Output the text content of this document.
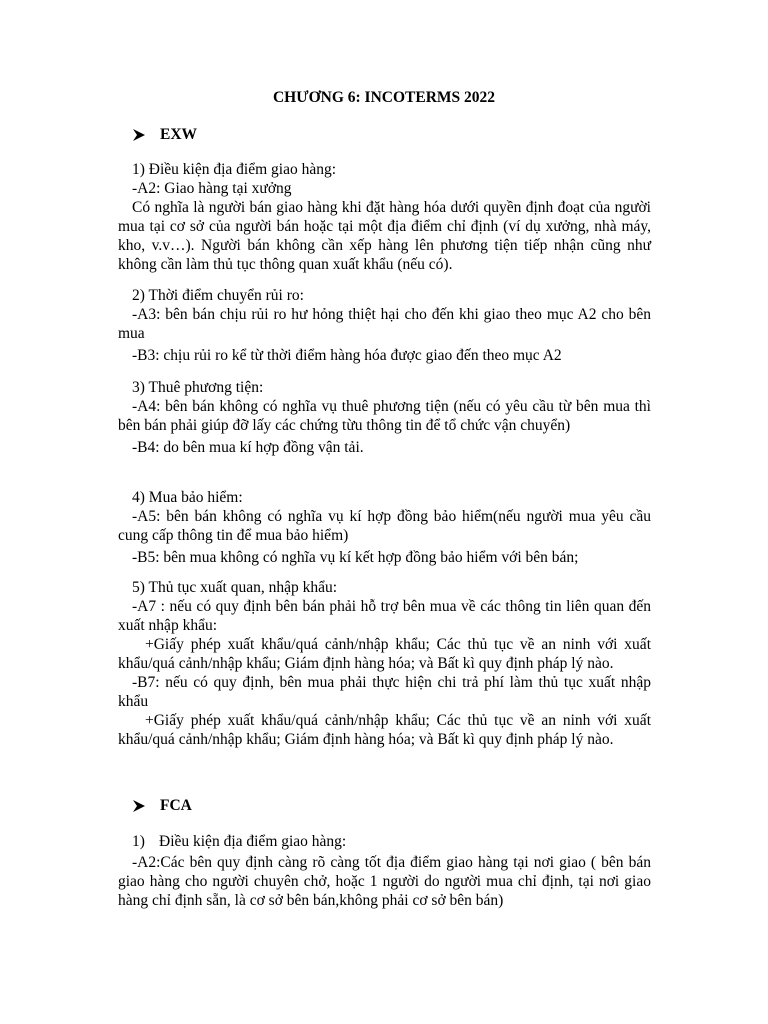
CHƯƠNG 6: INCOTERMS 2022
EXW

1) Điều kiện địa điểm giao hàng:

-A2: Giao hàng tại xưởng

Có nghĩa là người bán giao hàng khi đặt hàng hóa dưới quyền định đoạt của người mua tại cơ sở của người bán hoặc tại một địa điểm chỉ định (ví dụ xưởng, nhà máy, kho, v.v…). Người bán không cần xếp hàng lên phương tiện tiếp nhận cũng như không cần làm thủ tục thông quan xuất khẩu (nếu có).

2) Thời điểm chuyển rủi ro:

-A3: bên bán chịu rủi ro hư hỏng thiệt hại cho đến khi giao theo mục A2 cho bên mua

-B3: chịu rủi ro kể từ thời điểm hàng hóa được giao đến theo mục A2

3) Thuê phương tiện:

-A4: bên bán không có nghĩa vụ thuê phương tiện (nếu có yêu cầu từ bên mua thì bên bán phải giúp đỡ lấy các chứng từu thông tin để tổ chức vận chuyển)

-B4: do bên mua kí hợp đồng vận tải.

4) Mua bảo hiểm:

-A5: bên bán không có nghĩa vụ kí hợp đồng bảo hiểm(nếu người mua yêu cầu cung cấp thông tin để mua bảo hiểm)

-B5: bên mua không có nghĩa vụ kí kết hợp đồng bảo hiểm với bên bán;

5) Thủ tục xuất quan, nhập khẩu:

-A7 : nếu có quy định bên bán phải hỗ trợ bên mua về các thông tin liên quan đến xuất nhập khẩu:

+Giấy phép xuất khẩu/quá cảnh/nhập khẩu; Các thủ tục về an ninh với xuất khẩu/quá cảnh/nhập khẩu; Giám định hàng hóa; và Bất kì quy định pháp lý nào.

-B7: nếu có quy định, bên mua phải thực hiện chi trả phí làm thủ tục xuất nhập khẩu

+Giấy phép xuất khẩu/quá cảnh/nhập khẩu; Các thủ tục về an ninh với xuất khẩu/quá cảnh/nhập khẩu; Giám định hàng hóa; và Bất kì quy định pháp lý nào.

FCA
1) Điều kiện địa điểm giao hàng:

-A2:Các bên quy định càng rõ càng tốt địa điểm giao hàng tại nơi giao ( bên bán giao hàng cho người chuyên chở, hoặc 1 người do người mua chỉ định, tại nơi giao hàng chỉ định sẵn, là cơ sở bên bán,không phải cơ sở bên bán)
